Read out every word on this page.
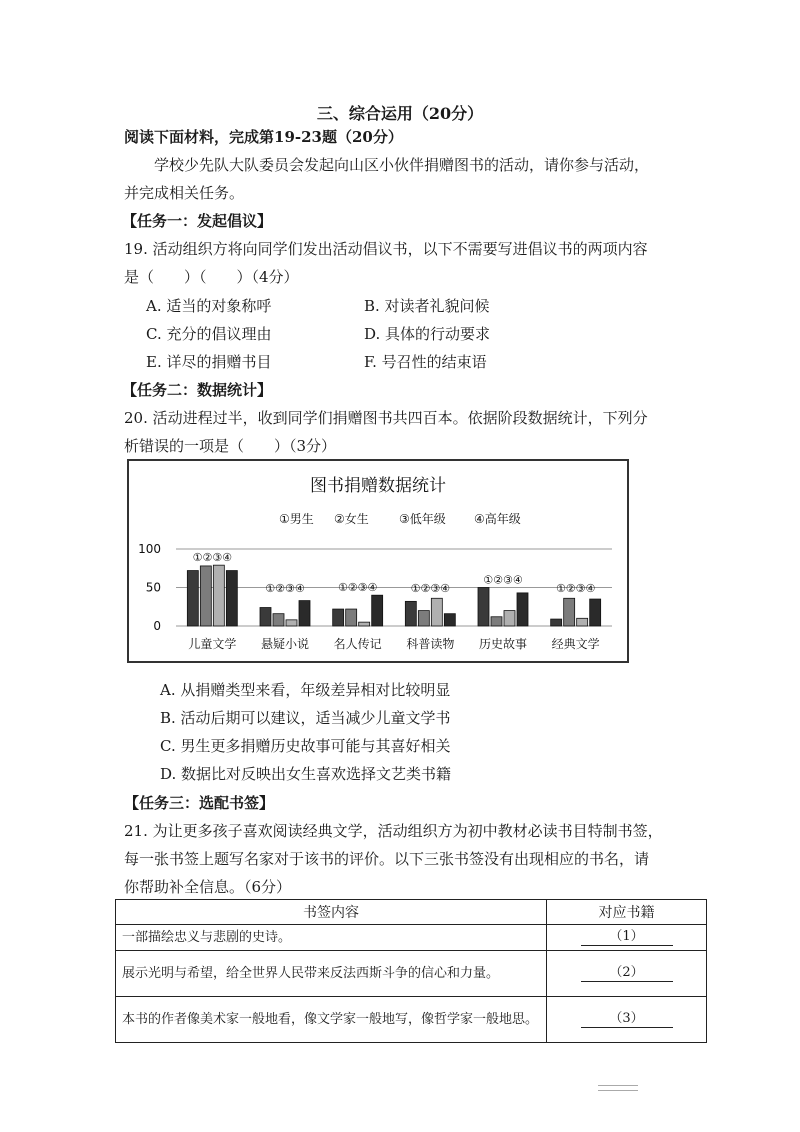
三、综合运用（20分）
阅读下面材料，完成第19-23题（20分）
学校少先队大队委员会发起向山区小伙伴捐赠图书的活动，请你参与活动，
并完成相关任务。
【任务一：发起倡议】
19. 活动组织方将向同学们发出活动倡议书，以下不需要写进倡议书的两项内容
是（　　）（　　）（4分）
A. 适当的对象称呼	B. 对读者礼貌问候
C. 充分的倡议理由	D. 具体的行动要求
E. 详尽的捐赠书目	F. 号召性的结束语
【任务二：数据统计】
20. 活动进程过半，收到同学们捐赠图书共四百本。依据阶段数据统计，下列分
析错误的一项是（　　）（3分）
图书捐赠数据统计
①男生 ②女生	③低年级 ④高年级
0
50
100
①②③④
儿童文学
①②③④
悬疑小说
①②③④
名人传记
①②③④
科普读物
①②③④
历史故事
①②③④
经典文学
A. 从捐赠类型来看，年级差异相对比较明显
B. 活动后期可以建议，适当减少儿童文学书
C. 男生更多捐赠历史故事可能与其喜好相关
D. 数据比对反映出女生喜欢选择文艺类书籍
【任务三：选配书签】
21. 为让更多孩子喜欢阅读经典文学，活动组织方为初中教材必读书目特制书签，
每一张书签上题写名家对于该书的评价。以下三张书签没有出现相应的书名，请
你帮助补全信息。（6分）
书签内容	对应书籍
一部描绘忠义与悲剧的史诗。	（1）
展示光明与希望，给全世界人民带来反法西斯斗争的信心和力量。	（2）
本书的作者像美术家一般地看，像文学家一般地写，像哲学家一般地思。	（3）
